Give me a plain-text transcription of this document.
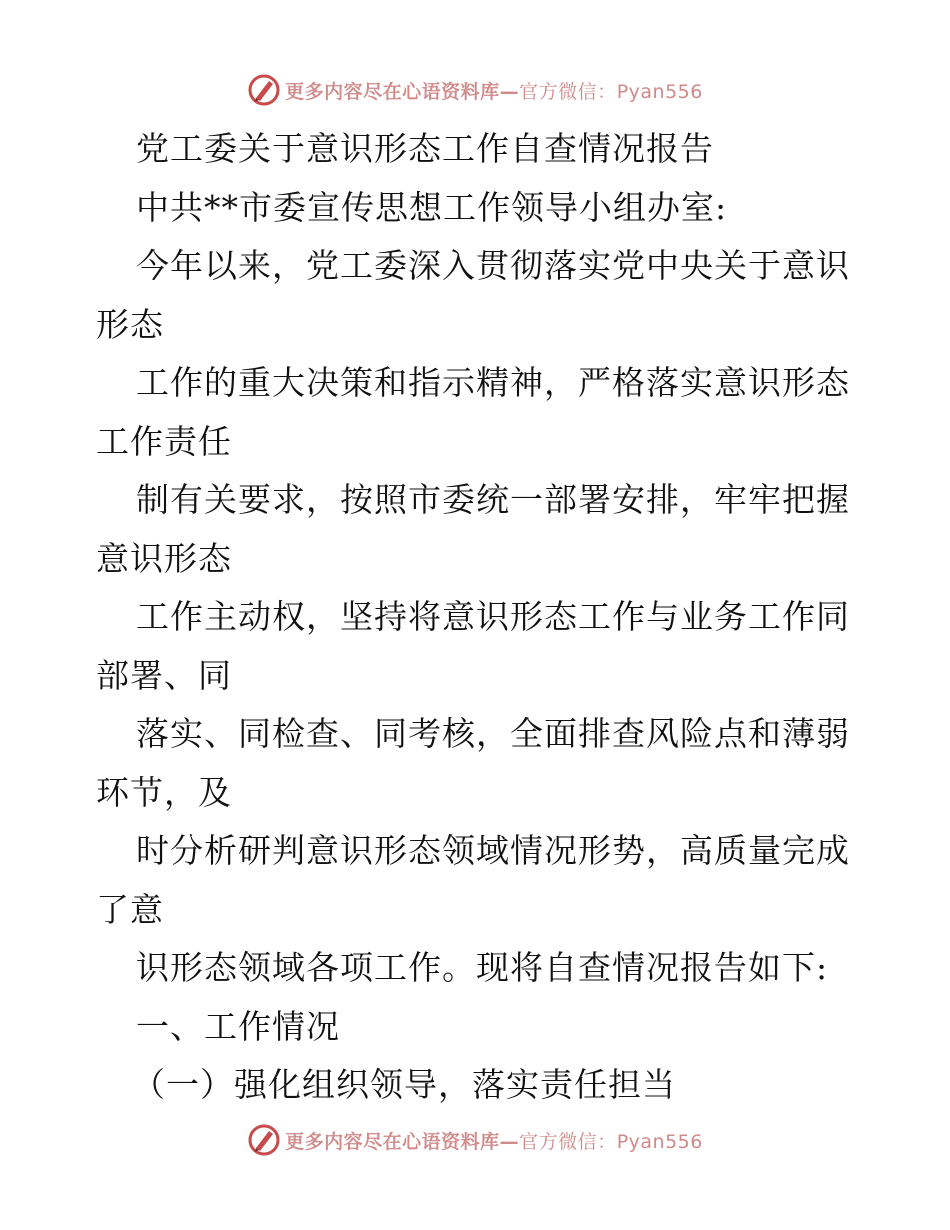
更多内容尽在心语资料库—官方微信：Pyan556
党工委关于意识形态工作自查情况报告
中共**市委宣传思想工作领导小组办室:
今年以来，党工委深入贯彻落实党中央关于意识
形态
工作的重大决策和指示精神，严格落实意识形态
工作责任
制有关要求，按照市委统一部署安排，牢牢把握
意识形态
工作主动权，坚持将意识形态工作与业务工作同
部署、同
落实、同检查、同考核，全面排查风险点和薄弱
环节，及
时分析研判意识形态领域情况形势，高质量完成
了意
识形态领域各项工作。现将自查情况报告如下:
一、工作情况
（一）强化组织领导，落实责任担当
更多内容尽在心语资料库—官方微信：Pyan556
